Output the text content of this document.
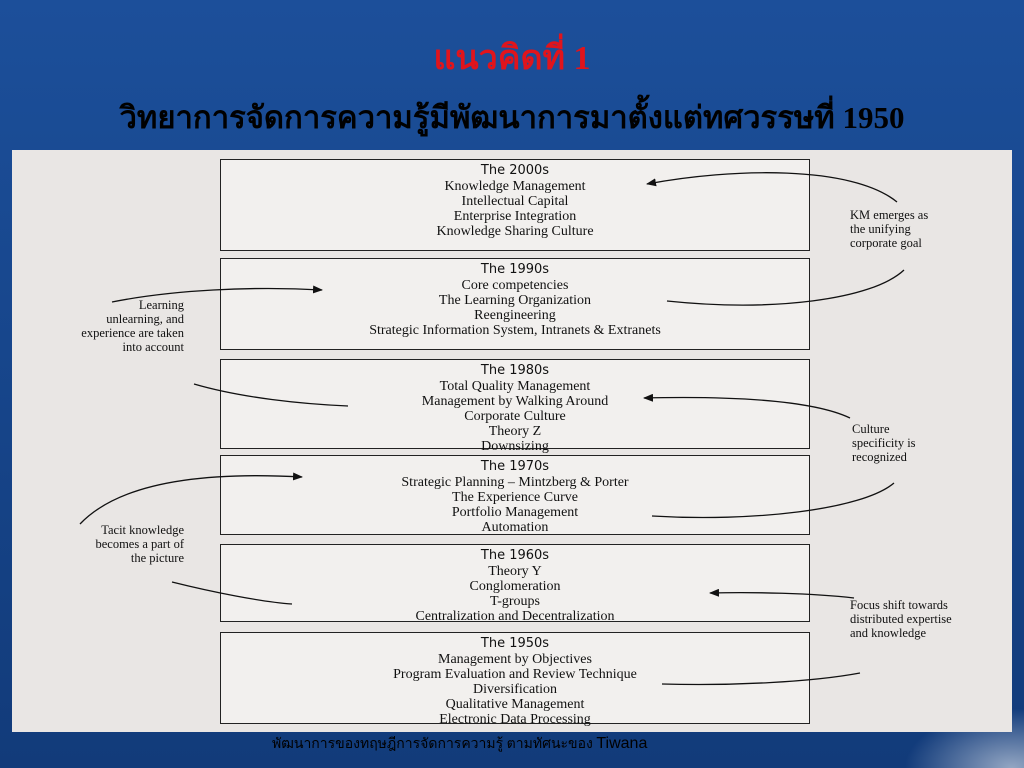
แนวคิดที่ 1
วิทยาการจัดการความรู้มีพัฒนาการมาตั้งแต่ทศวรรษที่ 1950
The 2000s
Knowledge Management
Intellectual Capital
Enterprise Integration
Knowledge Sharing Culture
The 1990s
Core competencies
The Learning Organization
Reengineering
Strategic Information System, Intranets & Extranets
The 1980s
Total Quality Management
Management by Walking Around
Corporate Culture
Theory Z
Downsizing
The 1970s
Strategic Planning – Mintzberg & Porter
The Experience Curve
Portfolio Management
Automation
The 1960s
Theory Y
Conglomeration
T-groups
Centralization and Decentralization
The 1950s
Management by Objectives
Program Evaluation and Review Technique
Diversification
Qualitative Management
Electronic Data Processing
KM emerges as
the unifying
corporate goal
Learning
unlearning, and
experience are taken
into account
Culture
specificity is
recognized
Tacit knowledge
becomes a part of
the picture
Focus shift towards
distributed expertise
and knowledge
พัฒนาการของทฤษฎีการจัดการความรู้ ตามทัศนะของ Tiwana
